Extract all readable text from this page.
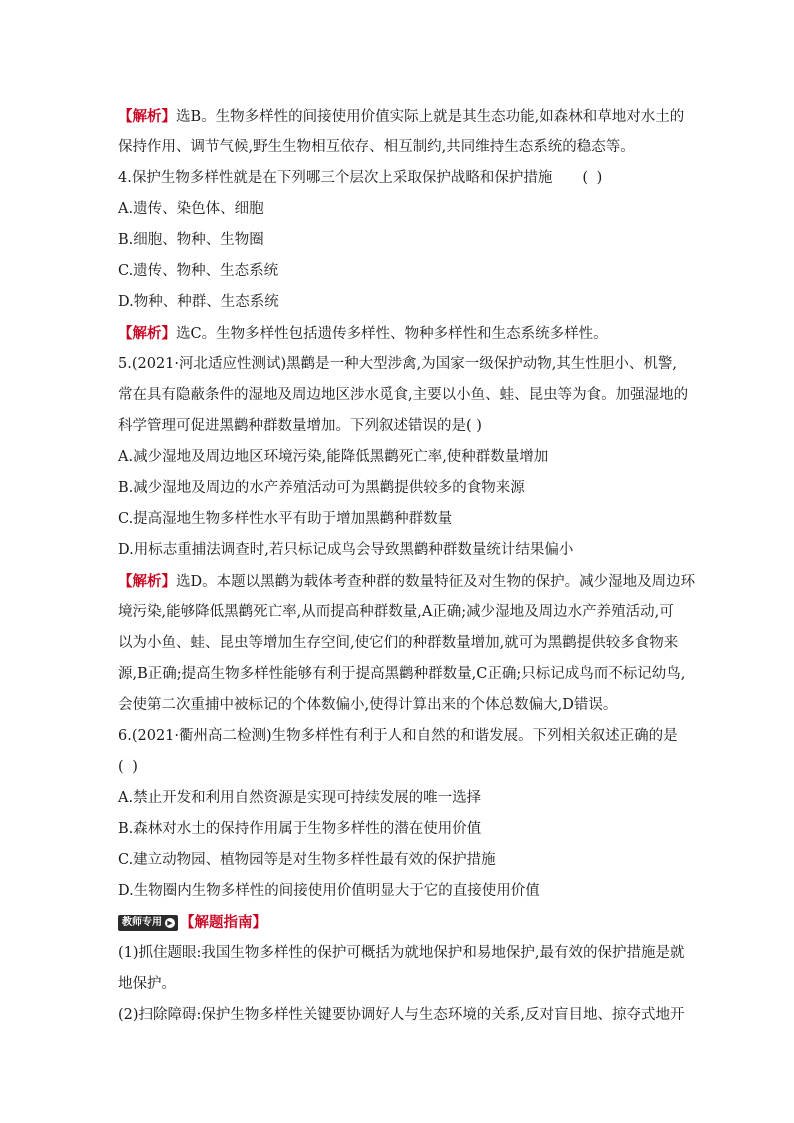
【解析】选B。生物多样性的间接使用价值实际上就是其生态功能,如森林和草地对水土的
保持作用、调节气候,野生生物相互依存、相互制约,共同维持生态系统的稳态等。
4.保护生物多样性就是在下列哪三个层次上采取保护战略和保护措施 ( )
A.遗传、染色体、细胞
B.细胞、物种、生物圈
C.遗传、物种、生态系统
D.物种、种群、生态系统
【解析】选C。生物多样性包括遗传多样性、物种多样性和生态系统多样性。
5.(2021·河北适应性测试)黑鹳是一种大型涉禽,为国家一级保护动物,其生性胆小、机警,
常在具有隐蔽条件的湿地及周边地区涉水觅食,主要以小鱼、蛙、昆虫等为食。加强湿地的
科学管理可促进黑鹳种群数量增加。下列叙述错误的是( )
A.减少湿地及周边地区环境污染,能降低黑鹳死亡率,使种群数量增加
B.减少湿地及周边的水产养殖活动可为黑鹳提供较多的食物来源
C.提高湿地生物多样性水平有助于增加黑鹳种群数量
D.用标志重捕法调查时,若只标记成鸟会导致黑鹳种群数量统计结果偏小
【解析】选D。本题以黑鹳为载体考查种群的数量特征及对生物的保护。减少湿地及周边环
境污染,能够降低黑鹳死亡率,从而提高种群数量,A正确;减少湿地及周边水产养殖活动,可
以为小鱼、蛙、昆虫等增加生存空间,使它们的种群数量增加,就可为黑鹳提供较多食物来
源,B正确;提高生物多样性能够有利于提高黑鹳种群数量,C正确;只标记成鸟而不标记幼鸟,
会使第二次重捕中被标记的个体数偏小,使得计算出来的个体总数偏大,D错误。
6.(2021·衢州高二检测)生物多样性有利于人和自然的和谐发展。下列相关叙述正确的是
( )
A.禁止开发和利用自然资源是实现可持续发展的唯一选择
B.森林对水土的保持作用属于生物多样性的潜在使用价值
C.建立动物园、植物园等是对生物多样性最有效的保护措施
D.生物圈内生物多样性的间接使用价值明显大于它的直接使用价值
教师专用 ▶ 【解题指南】
(1)抓住题眼:我国生物多样性的保护可概括为就地保护和易地保护,最有效的保护措施是就
地保护。
(2)扫除障碍:保护生物多样性关键要协调好人与生态环境的关系,反对盲目地、掠夺式地开
